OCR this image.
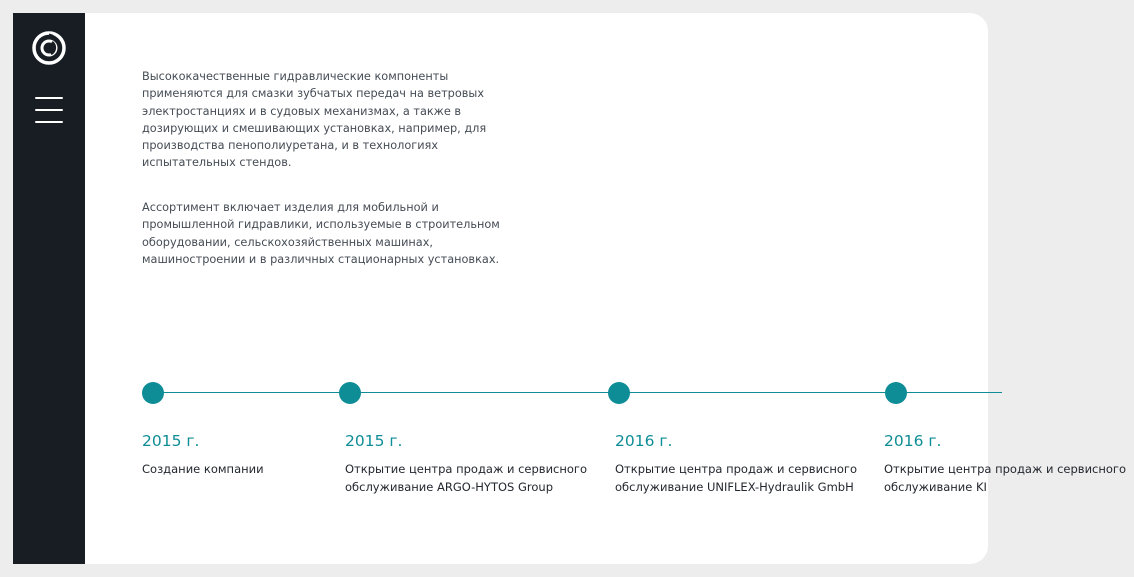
Высококачественные гидравлические компоненты применяются для смазки зубчатых передач на ветровых электростанциях и в судовых механизмах, а также в дозирующих и смешивающих установках, например, для производства пенополиуретана, и в технологиях испытательных стендов.

Ассортимент включает изделия для мобильной и промышленной гидравлики, используемые в строительном оборудовании, сельскохозяйственных машинах, машиностроении и в различных стационарных установках.

2015 г.
Создание компании
2015 г.
Открытие центра продаж и сервисного обслуживание ARGO-HYTOS Group
2016 г.
Открытие центра продаж и сервисного обслуживание UNIFLEX-Hydraulik GmbH
2016 г.
Открытие центра продаж и сервисного обслуживание KI
